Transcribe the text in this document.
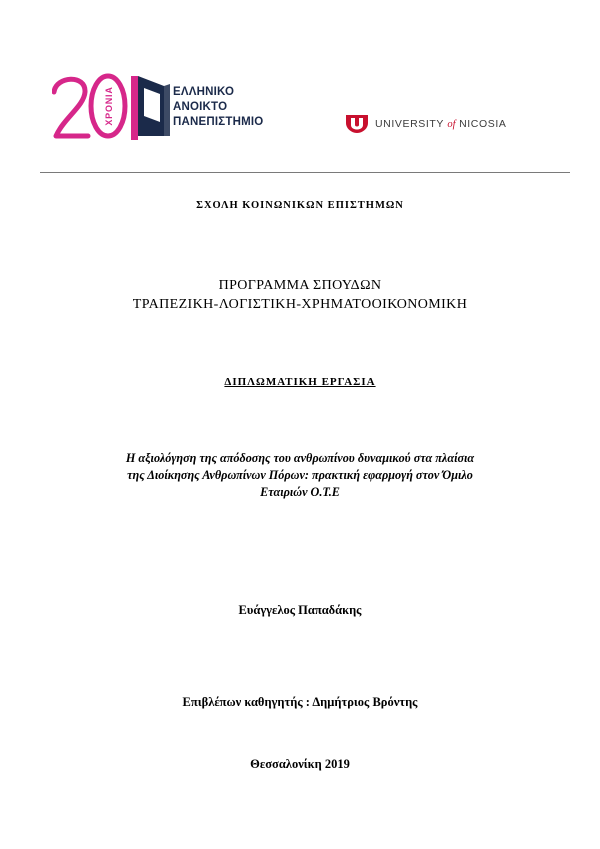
ΧΡΟΝΙΑ	ΕΛΛΗΝΙΚΟ
ΑΝΟΙΚΤΟ
ΠΑΝΕΠΙΣΤΗΜΙΟ	UNIVERSITY of NICOSIA
ΣΧΟΛΗ ΚΟΙΝΩΝΙΚΩΝ ΕΠΙΣΤΗΜΩΝ
ΠΡΟΓΡΑΜΜΑ ΣΠΟΥΔΩΝ
ΤΡΑΠΕΖΙΚΗ-ΛΟΓΙΣΤΙΚΗ-ΧΡΗΜΑΤΟΟΙΚΟΝΟΜΙΚΗ
ΔΙΠΛΩΜΑΤΙΚΗ ΕΡΓΑΣΙΑ
Η αξιολόγηση της απόδοσης του ανθρωπίνου δυναμικού στα πλαίσια
της Διοίκησης Ανθρωπίνων Πόρων: πρακτική εφαρμογή στον Όμιλο
Εταιριών Ο.Τ.Ε
Ευάγγελος Παπαδάκης
Επιβλέπων καθηγητής : Δημήτριος Βρόντης
Θεσσαλονίκη 2019
